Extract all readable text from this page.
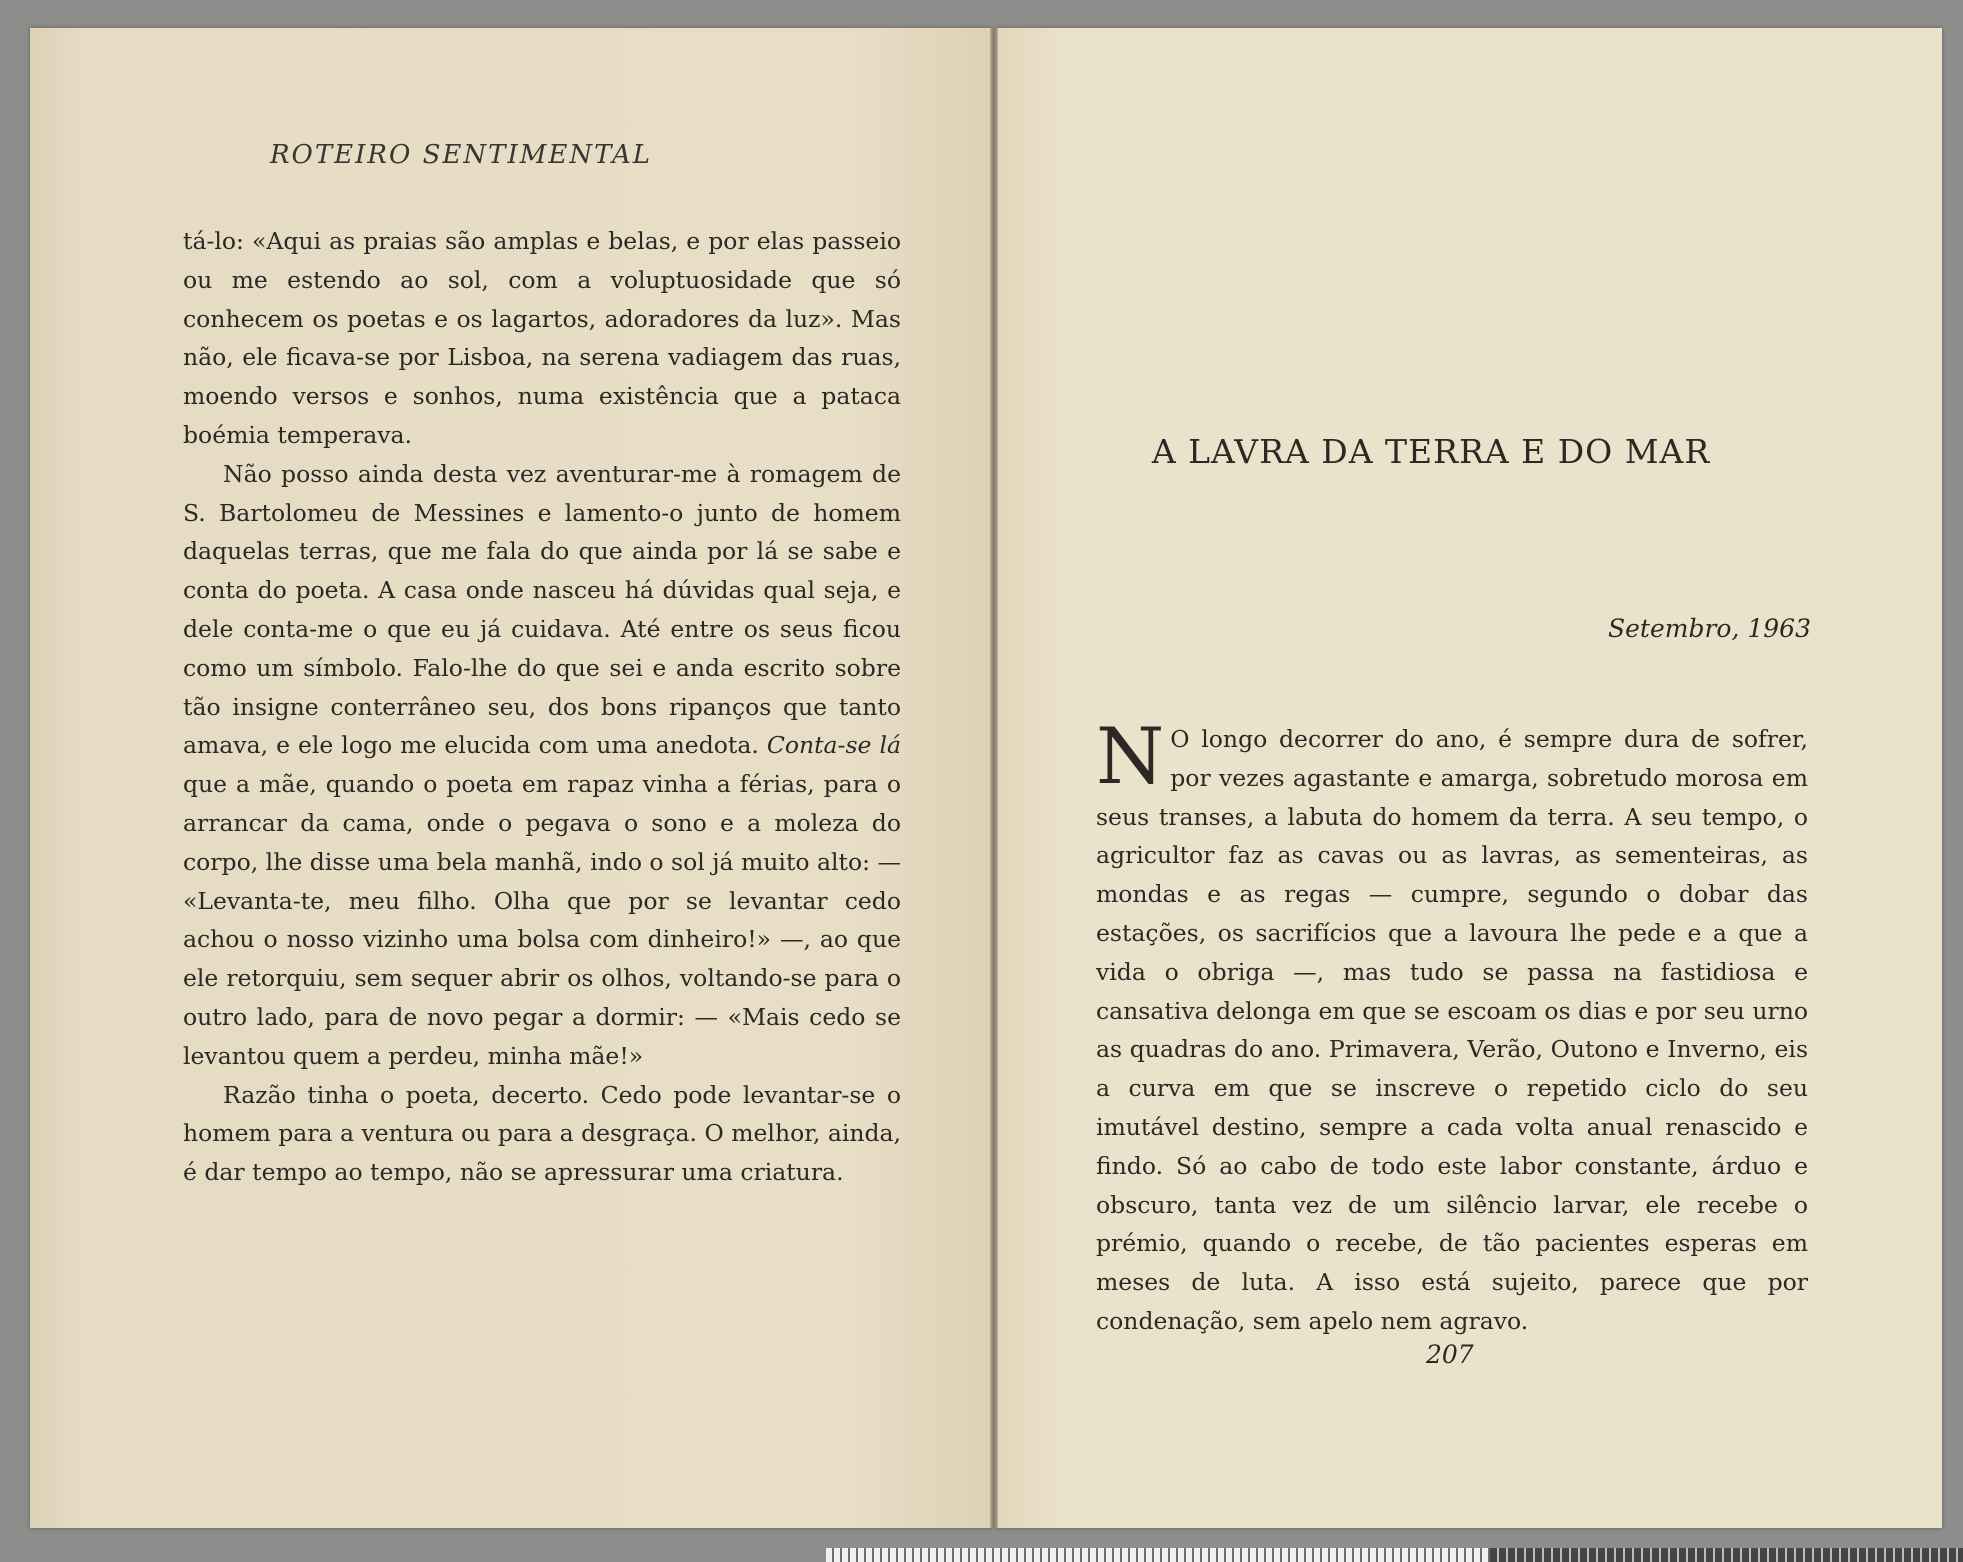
ROTEIRO SENTIMENTAL

tá-lo: «Aqui as praias são amplas e belas, e por elas passeio ou me estendo ao sol, com a voluptuosidade que só conhecem os poetas e os lagartos, adoradores da luz». Mas não, ele ficava-se por Lisboa, na serena vadiagem das ruas, moendo versos e sonhos, numa existência que a pataca boémia temperava.

Não posso ainda desta vez aventurar-me à romagem de S. Bartolomeu de Messines e lamento-o junto de homem daquelas terras, que me fala do que ainda por lá se sabe e conta do poeta. A casa onde nasceu há dúvidas qual seja, e dele conta-me o que eu já cuidava. Até entre os seus ficou como um símbolo. Falo-lhe do que sei e anda escrito sobre tão insigne conterrâneo seu, dos bons ripanços que tanto amava, e ele logo me elucida com uma anedota. Conta-se lá que a mãe, quando o poeta em rapaz vinha a férias, para o arrancar da cama, onde o pegava o sono e a moleza do corpo, lhe disse uma bela manhã, indo o sol já muito alto: — «Levanta-te, meu filho. Olha que por se levantar cedo achou o nosso vizinho uma bolsa com dinheiro!» —, ao que ele retorquiu, sem sequer abrir os olhos, voltando-se para o outro lado, para de novo pegar a dormir: — «Mais cedo se levantou quem a perdeu, minha mãe!»

Razão tinha o poeta, decerto. Cedo pode levantar-se o homem para a ventura ou para a desgraça. O melhor, ainda, é dar tempo ao tempo, não se apressurar uma criatura.

A LAVRA DA TERRA E DO MAR
Setembro, 1963

N O longo decorrer do ano, é sempre dura de sofrer, por vezes agastante e amarga, sobretudo morosa em seus transes, a labuta do homem da terra. A seu tempo, o agricultor faz as cavas ou as lavras, as sementeiras, as mondas e as regas — cumpre, segundo o dobar das estações, os sacrifícios que a lavoura lhe pede e a que a vida o obriga —, mas tudo se passa na fastidiosa e cansativa delonga em que se escoam os dias e por seu urno as quadras do ano. Primavera, Verão, Outono e Inverno, eis a curva em que se inscreve o repetido ciclo do seu imutável destino, sempre a cada volta anual renascido e findo. Só ao cabo de todo este labor constante, árduo e obscuro, tanta vez de um silêncio larvar, ele recebe o prémio, quando o recebe, de tão pacientes esperas em meses de luta. A isso está sujeito, parece que por condenação, sem apelo nem agravo.

207
